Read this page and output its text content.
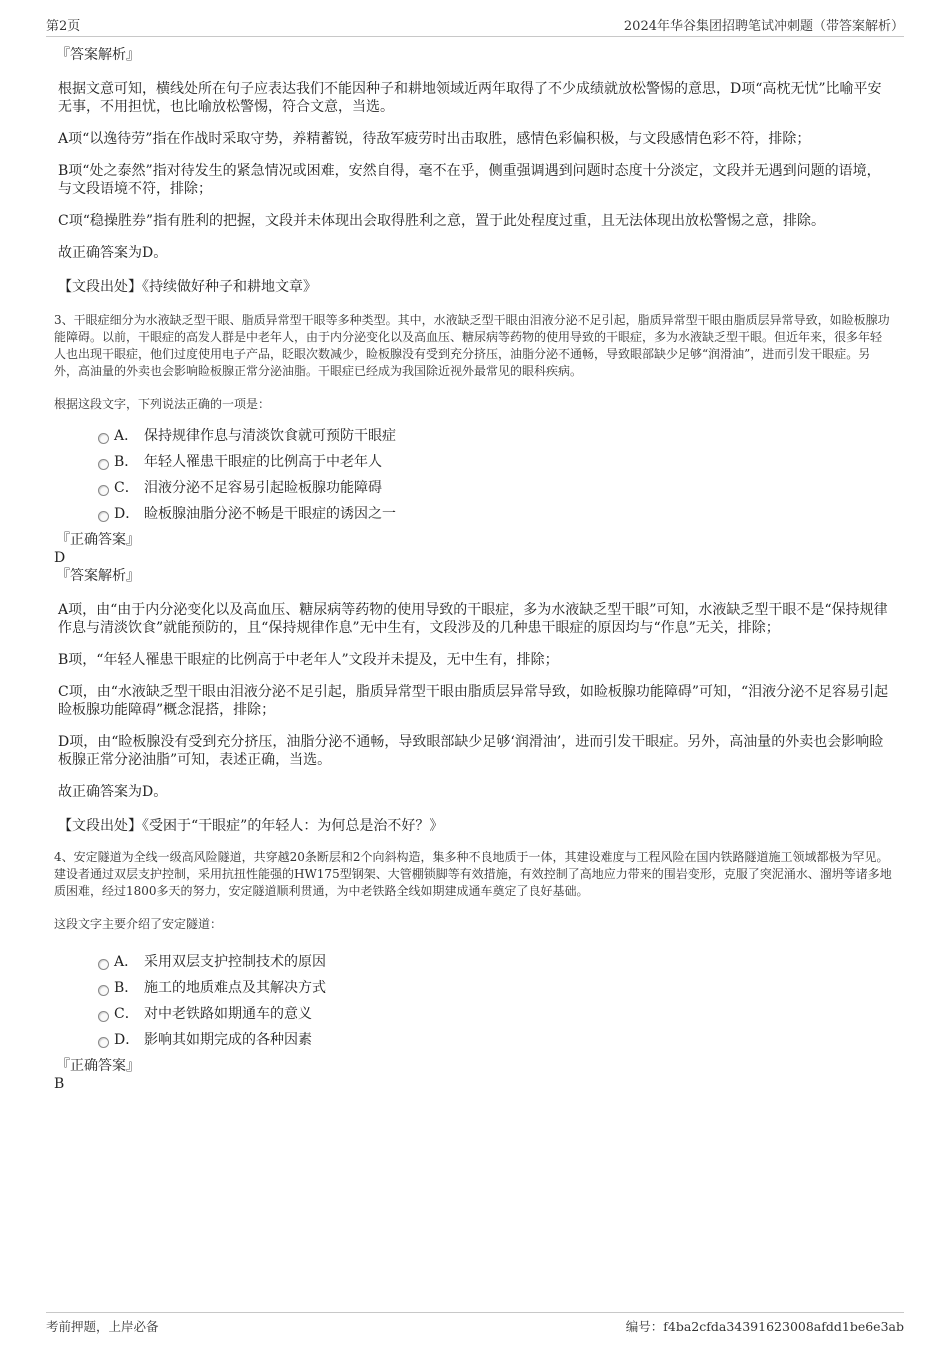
第2页	2024年华谷集团招聘笔试冲刺题（带答案解析）
『答案解析』

根据文意可知，横线处所在句子应表达我们不能因种子和耕地领域近两年取得了不少成绩就放松警惕的意思，D项“高枕无忧”比喻平安无事，不用担忧，也比喻放松警惕，符合文意，当选。

A项“以逸待劳”指在作战时采取守势，养精蓄锐，待敌军疲劳时出击取胜，感情色彩偏积极，与文段感情色彩不符，排除；

B项“处之泰然”指对待发生的紧急情况或困难，安然自得，毫不在乎，侧重强调遇到问题时态度十分淡定，文段并无遇到问题的语境，与文段语境不符，排除；

C项“稳操胜券”指有胜利的把握，文段并未体现出会取得胜利之意，置于此处程度过重，且无法体现出放松警惕之意，排除。

故正确答案为D。

【文段出处】《持续做好种子和耕地文章》

3、干眼症细分为水液缺乏型干眼、脂质异常型干眼等多种类型。其中，水液缺乏型干眼由泪液分泌不足引起，脂质异常型干眼由脂质层异常导致，如睑板腺功能障碍。以前，干眼症的高发人群是中老年人，由于内分泌变化以及高血压、糖尿病等药物的使用导致的干眼症，多为水液缺乏型干眼。但近年来，很多年轻人也出现干眼症，他们过度使用电子产品，眨眼次数减少，睑板腺没有受到充分挤压，油脂分泌不通畅，导致眼部缺少足够“润滑油”，进而引发干眼症。另外，高油量的外卖也会影响睑板腺正常分泌油脂。干眼症已经成为我国除近视外最常见的眼科疾病。

根据这段文字，下列说法正确的一项是：

A． 保持规律作息与清淡饮食就可预防干眼症
B． 年轻人罹患干眼症的比例高于中老年人
C． 泪液分泌不足容易引起睑板腺功能障碍
D． 睑板腺油脂分泌不畅是干眼症的诱因之一
『正确答案』
D
『答案解析』

A项，由“由于内分泌变化以及高血压、糖尿病等药物的使用导致的干眼症，多为水液缺乏型干眼”可知，水液缺乏型干眼不是“保持规律作息与清淡饮食”就能预防的，且“保持规律作息”无中生有，文段涉及的几种患干眼症的原因均与“作息”无关，排除；

B项，“年轻人罹患干眼症的比例高于中老年人”文段并未提及，无中生有，排除；

C项，由“水液缺乏型干眼由泪液分泌不足引起，脂质异常型干眼由脂质层异常导致，如睑板腺功能障碍”可知，“泪液分泌不足容易引起睑板腺功能障碍”概念混搭，排除；

D项，由“睑板腺没有受到充分挤压，油脂分泌不通畅，导致眼部缺少足够‘润滑油’，进而引发干眼症。另外，高油量的外卖也会影响睑板腺正常分泌油脂”可知，表述正确，当选。

故正确答案为D。

【文段出处】《受困于“干眼症”的年轻人：为何总是治不好？》

4、安定隧道为全线一级高风险隧道，共穿越20条断层和2个向斜构造，集多种不良地质于一体，其建设难度与工程风险在国内铁路隧道施工领域都极为罕见。建设者通过双层支护控制，采用抗扭性能强的HW175型钢架、大管棚锁脚等有效措施，有效控制了高地应力带来的围岩变形，克服了突泥涌水、溜坍等诸多地质困难，经过1800多天的努力，安定隧道顺利贯通，为中老铁路全线如期建成通车奠定了良好基础。

这段文字主要介绍了安定隧道：

A． 采用双层支护控制技术的原因
B． 施工的地质难点及其解决方式
C． 对中老铁路如期通车的意义
D． 影响其如期完成的各种因素
『正确答案』
B
考前押题，上岸必备	编号：f4ba2cfda34391623008afdd1be6e3ab
